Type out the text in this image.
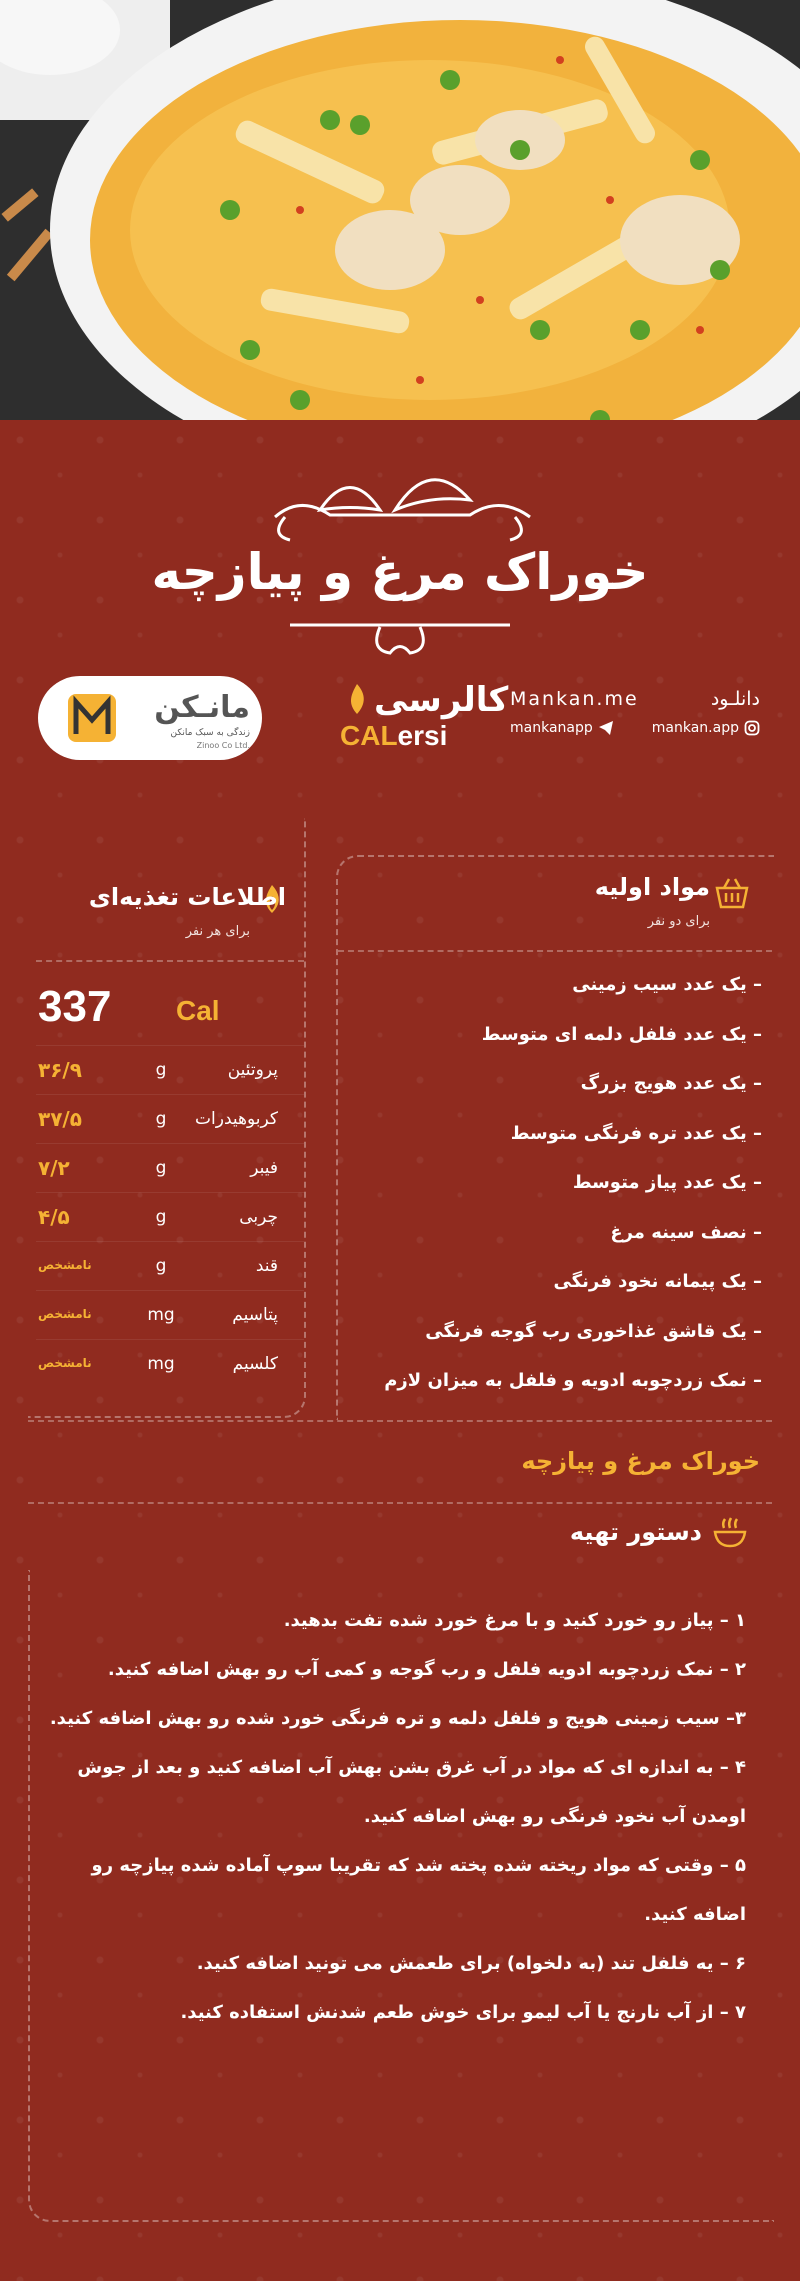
خوراک مرغ و پیازچه
مانـکن
زندگی به سبک مانکن
Zinoo Co Ltd.
کالرسی
CALersi
Mankan.me	دانلـود
mankanapp	mankan.app
اطلاعات تغذیه‌ای
برای هر نفر
337 Cal
۳۶/۹	g	پروتئین
۳۷/۵	g	کربوهیدرات
۷/۲	g	فیبر
۴/۵	g	چربی
نامشخص	g	قند
نامشخص	mg	پتاسیم
نامشخص	mg	کلسیم
مواد اولیه
برای دو نفر
– یک عدد سیب زمینی
– یک عدد فلفل دلمه ای متوسط
– یک عدد هویج بزرگ
– یک عدد تره فرنگی متوسط
– یک عدد پیاز متوسط
– نصف سینه مرغ
– یک پیمانه نخود فرنگی
– یک قاشق غذاخوری رب گوجه فرنگی
– نمک زردچوبه ادویه و فلفل به میزان لازم
خوراک مرغ و پیازچه
دستور تهیه
۱ – پیاز رو خورد کنید و با مرغ خورد شده تفت بدهید.
۲ – نمک زردچوبه ادویه فلفل و رب گوجه و کمی آب رو بهش اضافه کنید.
۳– سیب زمینی هویج و فلفل دلمه و تره فرنگی خورد شده رو بهش اضافه کنید.
۴ – به اندازه ای که مواد در آب غرق بشن بهش آب اضافه کنید و بعد از جوش اومدن آب نخود فرنگی رو بهش اضافه کنید.
۵ – وقتی که مواد ریخته شده پخته شد که تقریبا سوپ آماده شده پیازچه رو اضافه کنید.
۶ – یه فلفل تند (به دلخواه) برای طعمش می تونید اضافه کنید.
۷ – از آب نارنج یا آب لیمو برای خوش طعم شدنش استفاده کنید.
